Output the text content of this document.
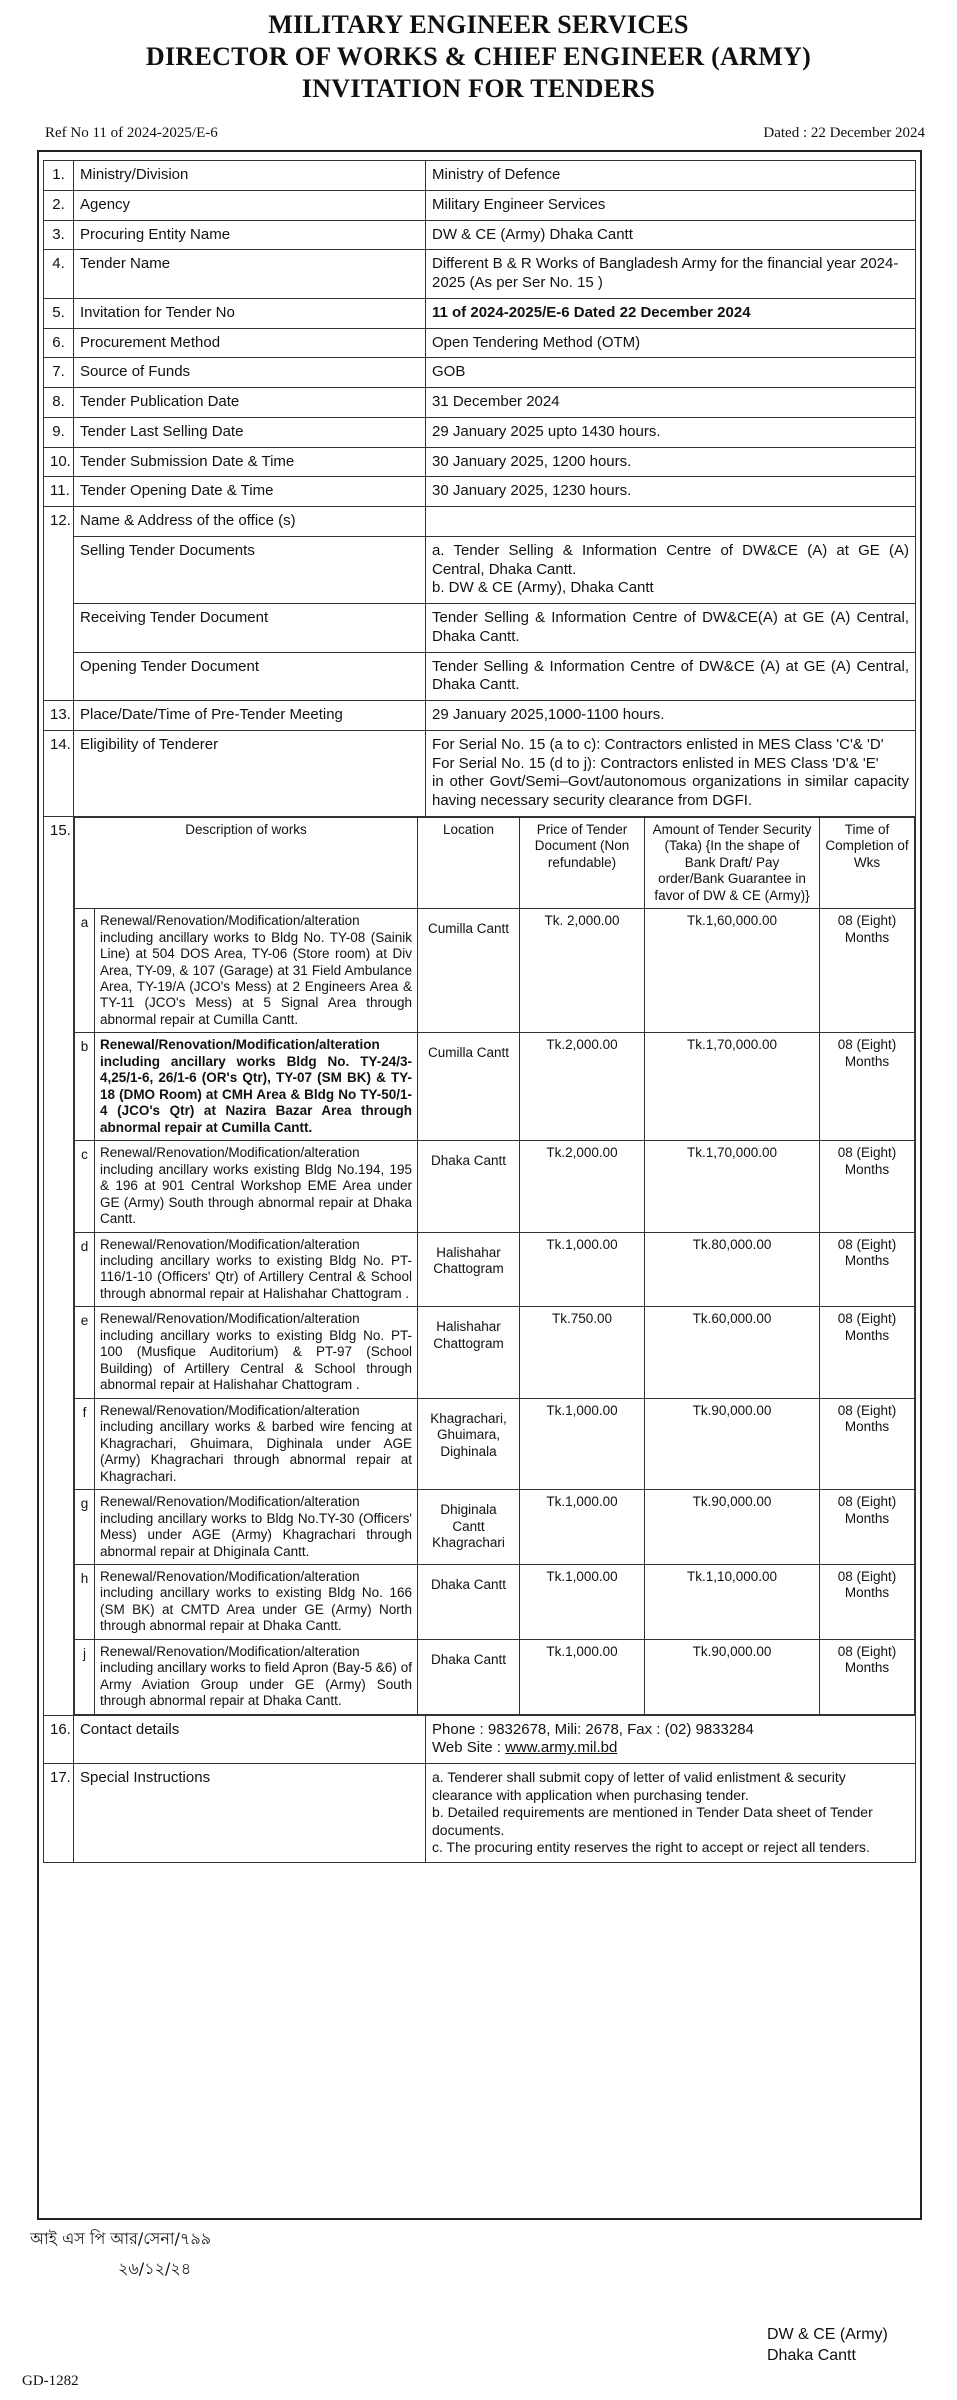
MILITARY ENGINEER SERVICES
DIRECTOR OF WORKS & CHIEF ENGINEER (ARMY)
INVITATION FOR TENDERS
Ref No 11 of 2024-2025/E-6	Dated : 22 December 2024
1.	Ministry/Division	Ministry of Defence
2.	Agency	Military Engineer Services
3.	Procuring Entity Name	DW & CE (Army) Dhaka Cantt
4.	Tender Name	Different B & R Works of Bangladesh Army for the financial year 2024-2025 (As per Ser No. 15 )
5.	Invitation for Tender No	11 of 2024-2025/E-6 Dated 22 December 2024
6.	Procurement Method	Open Tendering Method (OTM)
7.	Source of Funds	GOB
8.	Tender Publication Date	31 December 2024
9.	Tender Last Selling Date	29 January 2025 upto 1430 hours.
10.	Tender Submission Date & Time	30 January 2025, 1200 hours.
11.	Tender Opening Date & Time	30 January 2025, 1230 hours.
12.	Name & Address of the office (s)	
	Selling Tender Documents	a. Tender Selling & Information Centre of DW&CE (A) at GE (A) Central, Dhaka Cantt.
b. DW & CE (Army), Dhaka Cantt

	Receiving Tender Document	Tender Selling & Information Centre of DW&CE(A) at GE (A) Central, Dhaka Cantt.
	Opening Tender Document	Tender Selling & Information Centre of DW&CE (A) at GE (A) Central, Dhaka Cantt.
13.	Place/Date/Time of Pre-Tender Meeting	29 January 2025,1000-1100 hours.
14.	Eligibility of Tenderer	For Serial No. 15 (a to c): Contractors enlisted in MES Class 'C'& 'D'
For Serial No. 15 (d to j): Contractors enlisted in MES Class 'D'& 'E'
in other Govt/Semi–Govt/autonomous organizations in similar capacity having necessary security clearance from DGFI.

15.		Description of works	Location	Price of Tender Document (Non refundable)	Amount of Tender Security (Taka) {In the shape of Bank Draft/ Pay order/Bank Guarantee in favor of DW & CE (Army)}	Time of Completion of Wks
a	Renewal/Renovation/Modification/alteration including ancillary works to Bldg No. TY-08 (Sainik Line) at 504 DOS Area, TY-06 (Store room) at Div Area, TY-09, & 107 (Garage) at 31 Field Ambulance Area, TY-19/A (JCO's Mess) at 2 Engineers Area & TY-11 (JCO's Mess) at 5 Signal Area through abnormal repair at Cumilla Cantt.	Cumilla Cantt	Tk. 2,000.00	Tk.1,60,000.00	08 (Eight) Months
b	Renewal/Renovation/Modification/alteration including ancillary works Bldg No. TY-24/3-4,25/1-6, 26/1-6 (OR's Qtr), TY-07 (SM BK) & TY-18 (DMO Room) at CMH Area & Bldg No TY-50/1-4 (JCO's Qtr) at Nazira Bazar Area through abnormal repair at Cumilla Cantt.	Cumilla Cantt	Tk.2,000.00	Tk.1,70,000.00	08 (Eight) Months
c	Renewal/Renovation/Modification/alteration including ancillary works existing Bldg No.194, 195 & 196 at 901 Central Workshop EME Area under GE (Army) South through abnormal repair at Dhaka Cantt.	Dhaka Cantt	Tk.2,000.00	Tk.1,70,000.00	08 (Eight) Months
d	Renewal/Renovation/Modification/alteration including ancillary works to existing Bldg No. PT-116/1-10 (Officers' Qtr) of Artillery Central & School through abnormal repair at Halishahar Chattogram .	Halishahar Chattogram	Tk.1,000.00	Tk.80,000.00	08 (Eight) Months
e	Renewal/Renovation/Modification/alteration including ancillary works to existing Bldg No. PT-100 (Musfique Auditorium) & PT-97 (School Building) of Artillery Central & School through abnormal repair at Halishahar Chattogram .	Halishahar Chattogram	Tk.750.00	Tk.60,000.00	08 (Eight) Months
f	Renewal/Renovation/Modification/alteration including ancillary works & barbed wire fencing at Khagrachari, Ghuimara, Dighinala under AGE (Army) Khagrachari through abnormal repair at Khagrachari.	Khagrachari, Ghuimara, Dighinala	Tk.1,000.00	Tk.90,000.00	08 (Eight) Months
g	Renewal/Renovation/Modification/alteration including ancillary works to Bldg No.TY-30 (Officers' Mess) under AGE (Army) Khagrachari through abnormal repair at Dhiginala Cantt.	Dhiginala Cantt Khagrachari	Tk.1,000.00	Tk.90,000.00	08 (Eight) Months
h	Renewal/Renovation/Modification/alteration including ancillary works to existing Bldg No. 166 (SM BK) at CMTD Area under GE (Army) North through abnormal repair at Dhaka Cantt.	Dhaka Cantt	Tk.1,000.00	Tk.1,10,000.00	08 (Eight) Months
j	Renewal/Renovation/Modification/alteration including ancillary works to field Apron (Bay-5 &6) of Army Aviation Group under GE (Army) South through abnormal repair at Dhaka Cantt.	Dhaka Cantt	Tk.1,000.00	Tk.90,000.00	08 (Eight) Months

16.	Contact details	Phone : 9832678, Mili: 2678, Fax : (02) 9833284
Web Site : www.army.mil.bd

17.	Special Instructions	a. Tenderer shall submit copy of letter of valid enlistment & security clearance with application when purchasing tender.
b. Detailed requirements are mentioned in Tender Data sheet of Tender documents.
c. The procuring entity reserves the right to accept or reject all tenders.
আই এস পি আর/সেনা/৭৯৯
২৬/১২/২৪
DW & CE (Army)
Dhaka Cantt
GD-1282
